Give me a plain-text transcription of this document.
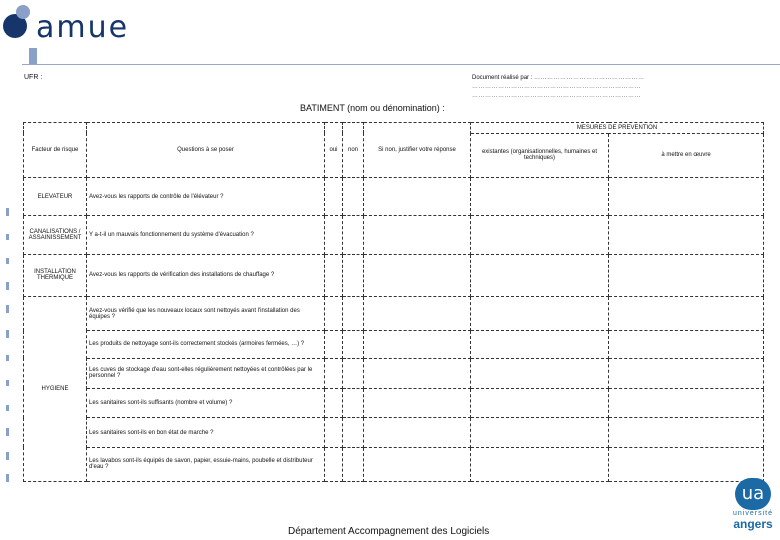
amue
UFR :	Document réalisé par : ……………………………………………
……………………………………………………………………
……………………………………………………………………
BATIMENT (nom ou dénomination) :
Facteur de risque	Questions à se poser	oui	non	Si non, justifier votre réponse	MESURES DE PREVENTION	
					existantes (organisationnelles, humaines et techniques)	à mettre en œuvre
ELEVATEUR	Avez-vous les rapports de contrôle de l'élévateur ?					
CANALISATIONS / ASSAINISSEMENT	Y a-t-il un mauvais fonctionnement du système d'évacuation ?					
INSTALLATION THERMIQUE	Avez-vous les rapports de vérification des installations de chauffage ?					
HYGIENE	Avez-vous vérifié que les nouveaux locaux sont nettoyés avant l'installation des équipes ?					
	Les produits de nettoyage sont-ils correctement stockés (armoires fermées, …) ?					
	Les cuves de stockage d'eau sont-elles régulièrement nettoyées et contrôlées par le personnel ?					
	Les sanitaires sont-ils suffisants (nombre et volume) ?					
	Les sanitaires sont-ils en bon état de marche ?					
	Les lavabos sont-ils équipés de savon, papier, essuie-mains, poubelle et distributeur d'eau ?					
Département Accompagnement des Logiciels
ua
université
angers
